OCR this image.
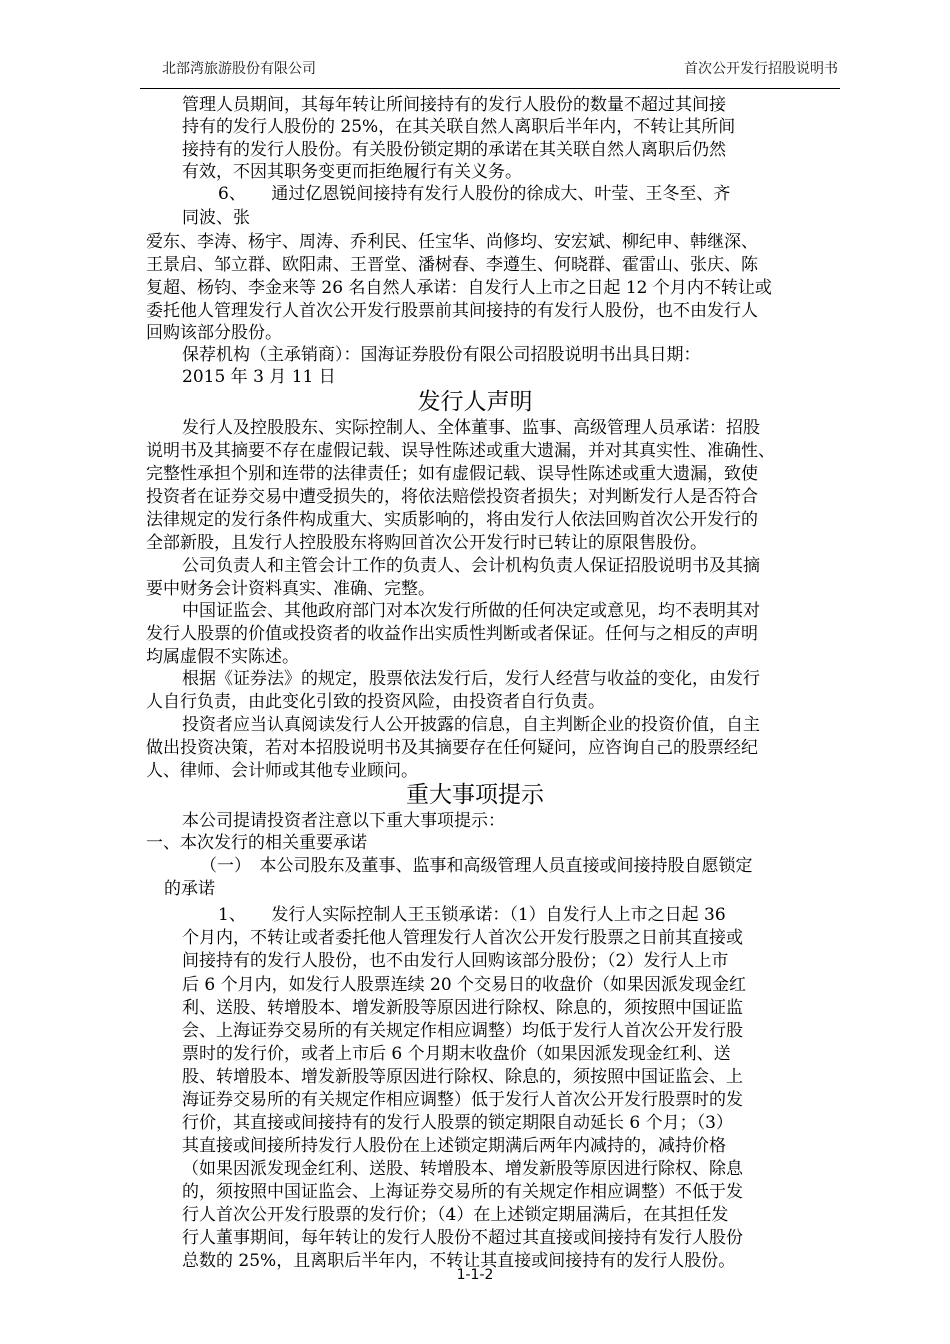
北部湾旅游股份有限公司	首次公开发行招股说明书
管理人员期间，其每年转让所间接持有的发行人股份的数量不超过其间接
持有的发行人股份的 25%，在其关联自然人离职后半年内，不转让其所间
接持有的发行人股份。有关股份锁定期的承诺在其关联自然人离职后仍然
有效，不因其职务变更而拒绝履行有关义务。
6、　　通过亿恩锐间接持有发行人股份的徐成大、叶莹、王冬至、齐
同波、张
爱东、李涛、杨宇、周涛、乔利民、任宝华、尚修均、安宏斌、柳纪申、韩继深、
王景启、邹立群、欧阳肃、王晋堂、潘树春、李遵生、何晓群、霍雷山、张庆、陈
复超、杨钧、李金来等 26 名自然人承诺：自发行人上市之日起 12 个月内不转让或
委托他人管理发行人首次公开发行股票前其间接持的有发行人股份，也不由发行人
回购该部分股份。
保荐机构（主承销商）：国海证券股份有限公司招股说明书出具日期：
2015 年 3 月 11 日
发行人声明
发行人及控股股东、实际控制人、全体董事、监事、高级管理人员承诺：招股
说明书及其摘要不存在虚假记载、误导性陈述或重大遗漏，并对其真实性、准确性、
完整性承担个别和连带的法律责任；如有虚假记载、误导性陈述或重大遗漏，致使
投资者在证券交易中遭受损失的，将依法赔偿投资者损失；对判断发行人是否符合
法律规定的发行条件构成重大、实质影响的，将由发行人依法回购首次公开发行的
全部新股，且发行人控股股东将购回首次公开发行时已转让的原限售股份。
公司负责人和主管会计工作的负责人、会计机构负责人保证招股说明书及其摘
要中财务会计资料真实、准确、完整。
中国证监会、其他政府部门对本次发行所做的任何决定或意见，均不表明其对
发行人股票的价值或投资者的收益作出实质性判断或者保证。任何与之相反的声明
均属虚假不实陈述。
根据《证券法》的规定，股票依法发行后，发行人经营与收益的变化，由发行
人自行负责，由此变化引致的投资风险，由投资者自行负责。
投资者应当认真阅读发行人公开披露的信息，自主判断企业的投资价值，自主
做出投资决策，若对本招股说明书及其摘要存在任何疑问，应咨询自己的股票经纪
人、律师、会计师或其他专业顾问。
重大事项提示
本公司提请投资者注意以下重大事项提示：
一、本次发行的相关重要承诺
（一）　本公司股东及董事、监事和高级管理人员直接或间接持股自愿锁定
的承诺
1、　　发行人实际控制人王玉锁承诺：（1）自发行人上市之日起 36
个月内，不转让或者委托他人管理发行人首次公开发行股票之日前其直接或
间接持有的发行人股份，也不由发行人回购该部分股份；（2）发行人上市
后 6 个月内，如发行人股票连续 20 个交易日的收盘价（如果因派发现金红
利、送股、转增股本、增发新股等原因进行除权、除息的，须按照中国证监
会、上海证券交易所的有关规定作相应调整）均低于发行人首次公开发行股
票时的发行价，或者上市后 6 个月期末收盘价（如果因派发现金红利、送
股、转增股本、增发新股等原因进行除权、除息的，须按照中国证监会、上
海证券交易所的有关规定作相应调整）低于发行人首次公开发行股票时的发
行价，其直接或间接持有的发行人股票的锁定期限自动延长 6 个月；（3）
其直接或间接所持发行人股份在上述锁定期满后两年内减持的，减持价格
（如果因派发现金红利、送股、转增股本、增发新股等原因进行除权、除息
的，须按照中国证监会、上海证券交易所的有关规定作相应调整）不低于发
行人首次公开发行股票的发行价；（4）在上述锁定期届满后，在其担任发
行人董事期间，每年转让的发行人股份不超过其直接或间接持有发行人股份
总数的 25%，且离职后半年内，不转让其直接或间接持有的发行人股份。
1-1-2
